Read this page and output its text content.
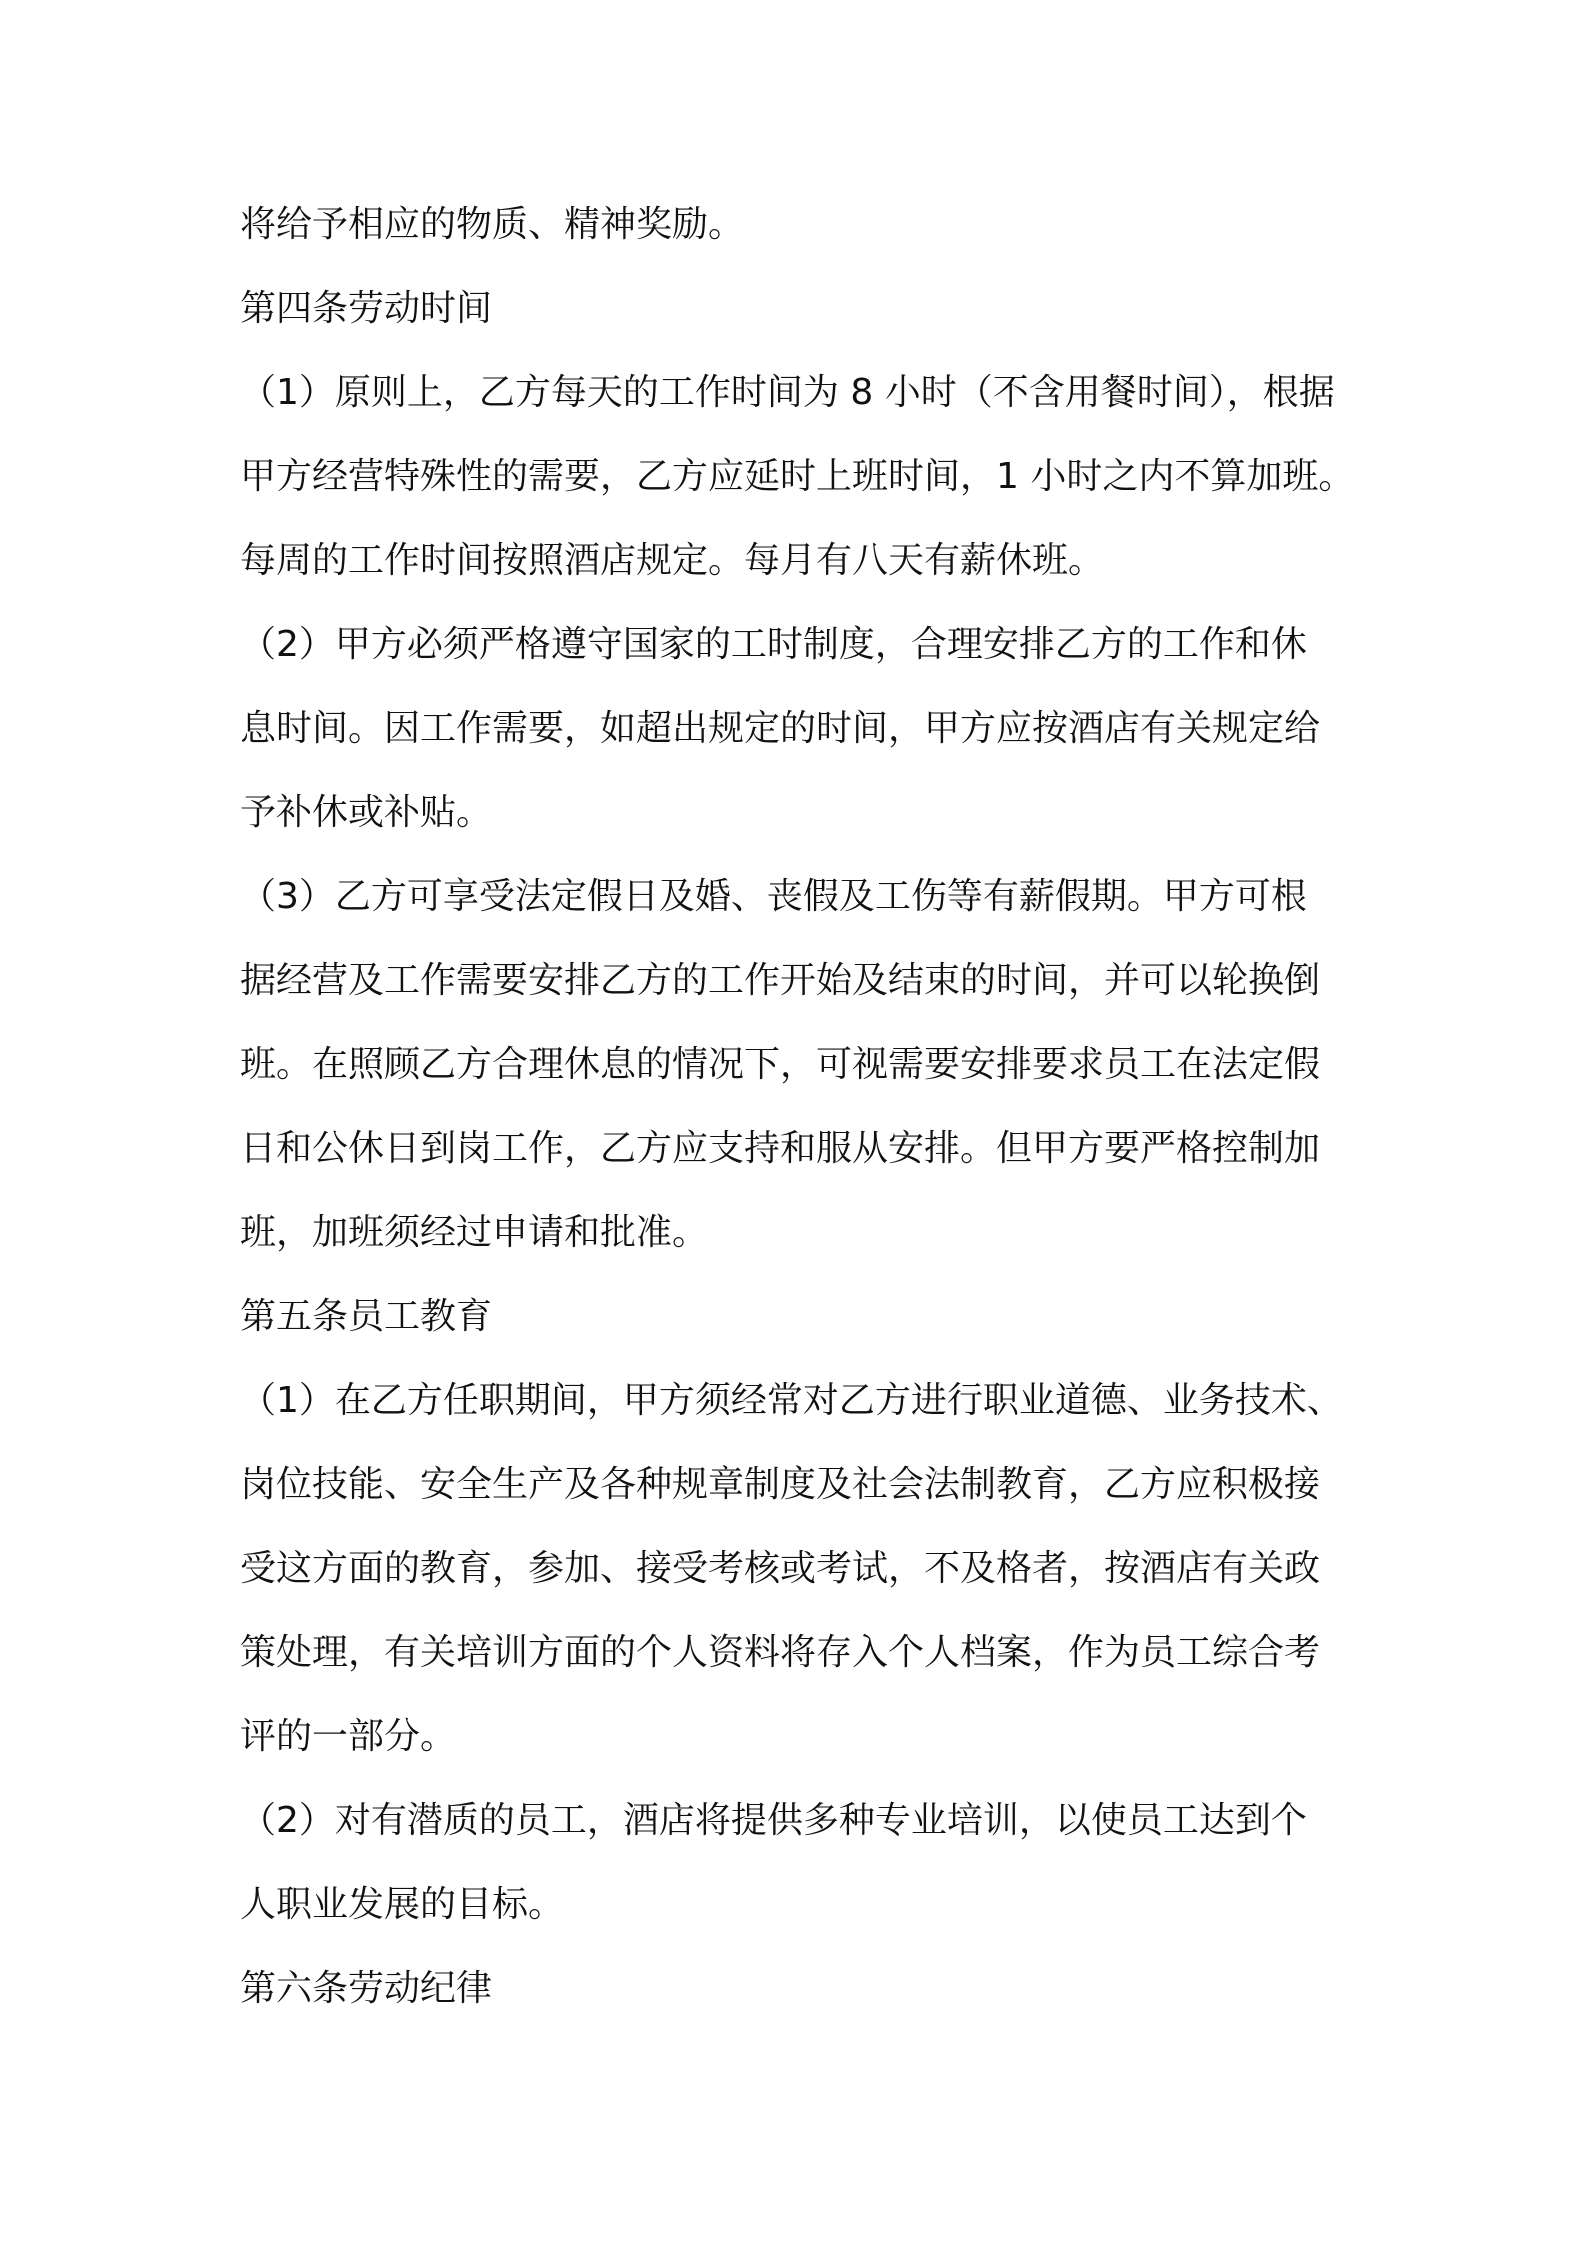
将给予相应的物质、精神奖励。

第四条劳动时间

（1）原则上，乙方每天的工作时间为 8 小时（不含用餐时间），根据

甲方经营特殊性的需要，乙方应延时上班时间，1 小时之内不算加班。

每周的工作时间按照酒店规定。每月有八天有薪休班。

（2）甲方必须严格遵守国家的工时制度，合理安排乙方的工作和休

息时间。因工作需要，如超出规定的时间，甲方应按酒店有关规定给

予补休或补贴。

（3）乙方可享受法定假日及婚、丧假及工伤等有薪假期。甲方可根

据经营及工作需要安排乙方的工作开始及结束的时间，并可以轮换倒

班。在照顾乙方合理休息的情况下，可视需要安排要求员工在法定假

日和公休日到岗工作，乙方应支持和服从安排。但甲方要严格控制加

班，加班须经过申请和批准。

第五条员工教育

（1）在乙方任职期间，甲方须经常对乙方进行职业道德、业务技术、

岗位技能、安全生产及各种规章制度及社会法制教育，乙方应积极接

受这方面的教育，参加、接受考核或考试，不及格者，按酒店有关政

策处理，有关培训方面的个人资料将存入个人档案，作为员工综合考

评的一部分。

（2）对有潜质的员工，酒店将提供多种专业培训，以使员工达到个

人职业发展的目标。

第六条劳动纪律
